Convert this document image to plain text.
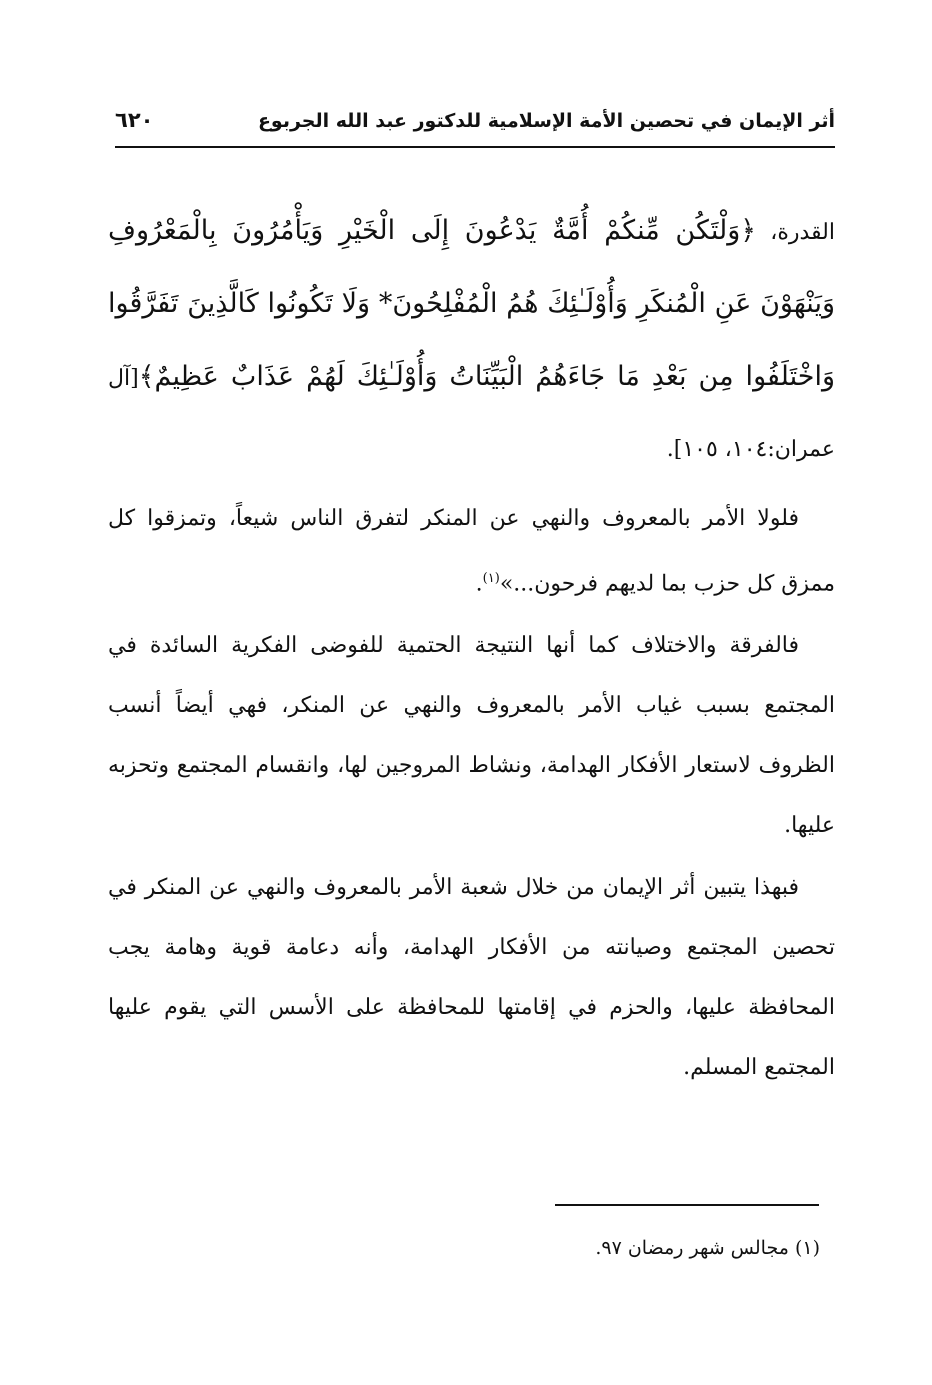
أثر الإيمان في تحصين الأمة الإسلامية للدكتور عبد الله الجربوع
٦٢٠

القدرة، ﴿وَلْتَكُن مِّنكُمْ أُمَّةٌ يَدْعُونَ إِلَى الْخَيْرِ وَيَأْمُرُونَ بِالْمَعْرُوفِ وَيَنْهَوْنَ عَنِ الْمُنكَرِ وَأُوْلَـٰئِكَ هُمُ الْمُفْلِحُونَ* وَلَا تَكُونُوا كَالَّذِينَ تَفَرَّقُوا وَاخْتَلَفُوا مِن بَعْدِ مَا جَاءَهُمُ الْبَيِّنَاتُ وَأُوْلَـٰئِكَ لَهُمْ عَذَابٌ عَظِيمٌ﴾[آل عمران:١٠٤، ١٠٥].

فلولا الأمر بالمعروف والنهي عن المنكر لتفرق الناس شيعاً، وتمزقوا كل ممزق كل حزب بما لديهم فرحون...»$^{(١)}$.

فالفرقة والاختلاف كما أنها النتيجة الحتمية للفوضى الفكرية السائدة في المجتمع بسبب غياب الأمر بالمعروف والنهي عن المنكر، فهي أيضاً أنسب الظروف لاستعار الأفكار الهدامة، ونشاط المروجين لها، وانقسام المجتمع وتحزبه عليها.

فبهذا يتبين أثر الإيمان من خلال شعبة الأمر بالمعروف والنهي عن المنكر في تحصين المجتمع وصيانته من الأفكار الهدامة، وأنه دعامة قوية وهامة يجب المحافظة عليها، والحزم في إقامتها للمحافظة على الأسس التي يقوم عليها المجتمع المسلم.

(١) مجالس شهر رمضان ٩٧.
